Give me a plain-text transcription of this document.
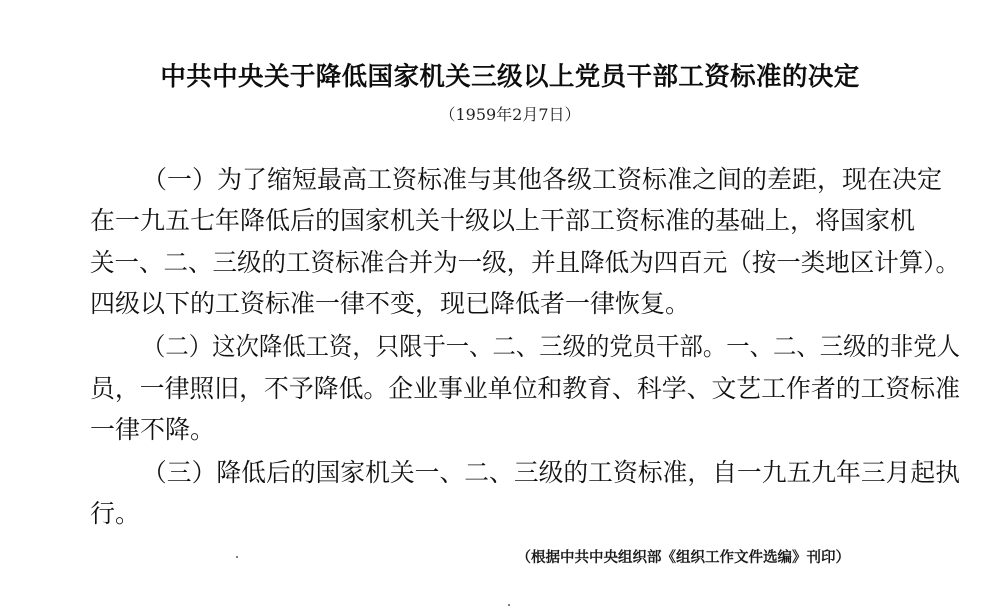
中共中央关于降低国家机关三级以上党员干部工资标准的决定
（1959年2月7日）
（一）为了缩短最高工资标准与其他各级工资标准之间的差距，现在决定
在一九五七年降低后的国家机关十级以上干部工资标准的基础上，将国家机
关一、二、三级的工资标准合并为一级，并且降低为四百元（按一类地区计算）。
四级以下的工资标准一律不变，现已降低者一律恢复。
（二）这次降低工资，只限于一、二、三级的党员干部。一、二、三级的非党人
员，一律照旧，不予降低。企业事业单位和教育、科学、文艺工作者的工资标准
一律不降。
（三）降低后的国家机关一、二、三级的工资标准，自一九五九年三月起执
行。
（根据中共中央组织部《组织工作文件选编》刊印）
